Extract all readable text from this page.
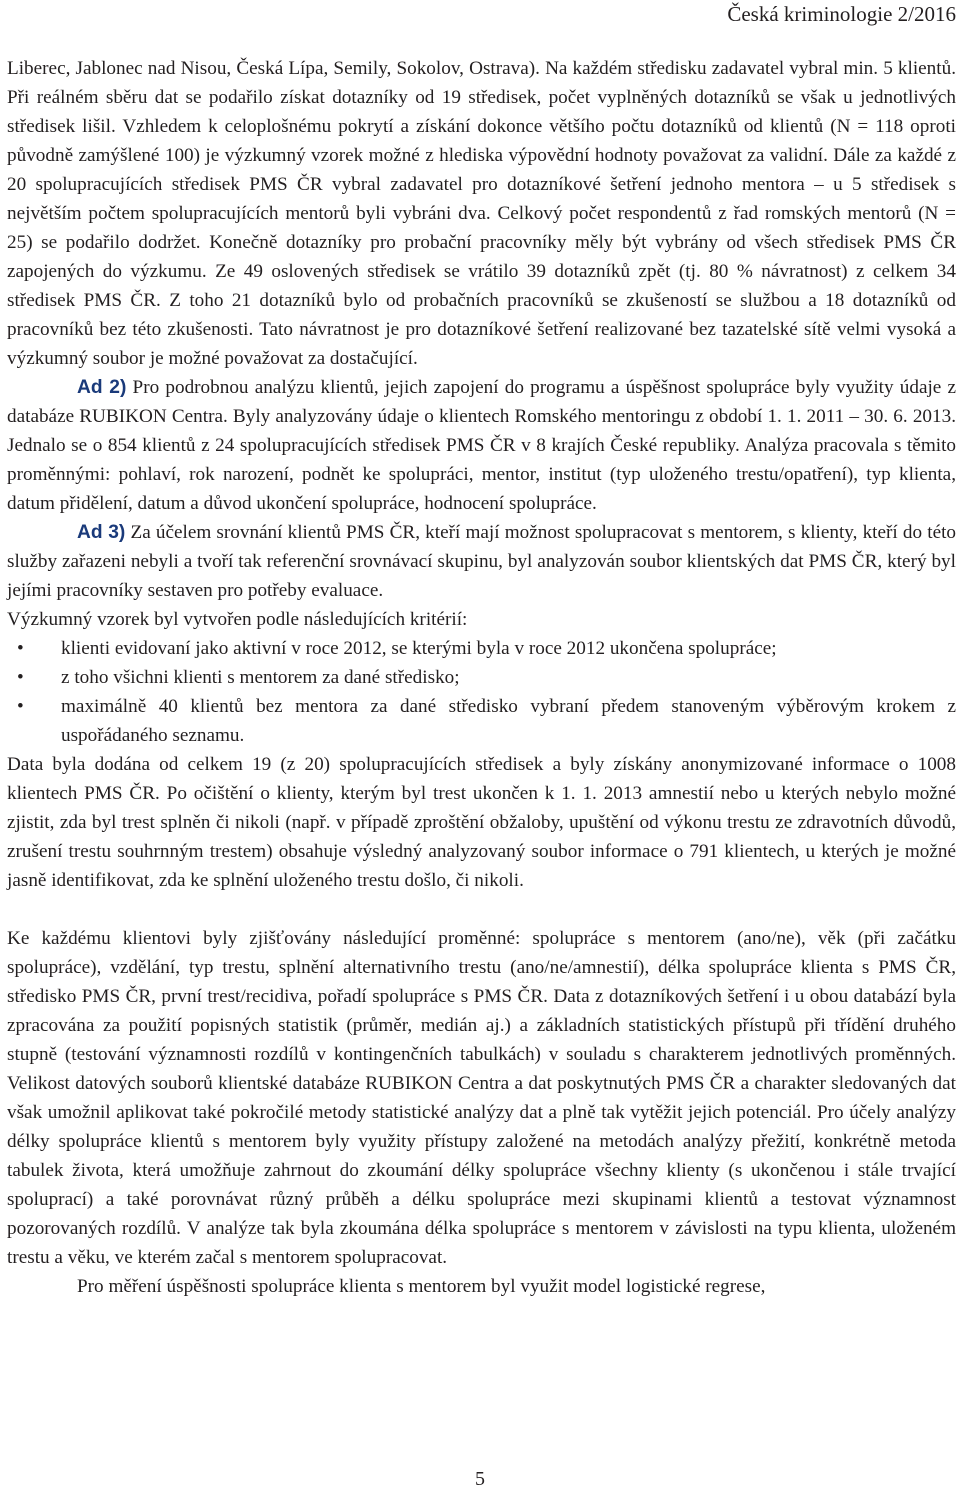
Česká kriminologie 2/2016

Liberec, Jablonec nad Nisou, Česká Lípa, Semily, Sokolov, Ostrava). Na každém středisku zadavatel vybral min. 5 klientů. Při reálném sběru dat se podařilo získat dotazníky od 19 středisek, počet vyplněných dotazníků se však u jednotlivých středisek lišil. Vzhledem k celoplošnému pokrytí a získání dokonce většího počtu dotazníků od klientů (N = 118 oproti původně zamýšlené 100) je výzkumný vzorek možné z hlediska výpovědní hodnoty považovat za validní. Dále za každé z 20 spolupracujících středisek PMS ČR vybral zadavatel pro dotazníkové šetření jednoho mentora – u 5 středisek s největším počtem spolupracujících mentorů byli vybráni dva. Celkový počet respondentů z řad romských mentorů (N = 25) se podařilo dodržet. Konečně dotazníky pro probační pracovníky měly být vybrány od všech středisek PMS ČR zapojených do výzkumu. Ze 49 oslovených středisek se vrátilo 39 dotazníků zpět (tj. 80 % návratnost) z celkem 34 středisek PMS ČR. Z toho 21 dotazníků bylo od probačních pracovníků se zkušeností se službou a 18 dotazníků od pracovníků bez této zkušenosti. Tato návratnost je pro dotazníkové šetření realizované bez tazatelské sítě velmi vysoká a výzkumný soubor je možné považovat za dostačující.

Ad 2) Pro podrobnou analýzu klientů, jejich zapojení do programu a úspěšnost spolupráce byly využity údaje z databáze RUBIKON Centra. Byly analyzovány údaje o klientech Romského mentoringu z období 1. 1. 2011 – 30. 6. 2013. Jednalo se o 854 klientů z 24 spolupracujících středisek PMS ČR v 8 krajích České republiky. Analýza pracovala s těmito proměnnými: pohlaví, rok narození, podnět ke spolupráci, mentor, institut (typ uloženého trestu/opatření), typ klienta, datum přidělení, datum a důvod ukončení spolupráce, hodnocení spolupráce.

Ad 3) Za účelem srovnání klientů PMS ČR, kteří mají možnost spolupracovat s mentorem, s klienty, kteří do této služby zařazeni nebyli a tvoří tak referenční srovnávací skupinu, byl analyzován soubor klientských dat PMS ČR, který byl jejími pracovníky sestaven pro potřeby evaluace.

Výzkumný vzorek byl vytvořen podle následujících kritérií:

• klienti evidovaní jako aktivní v roce 2012, se kterými byla v roce 2012 ukončena spolupráce;
• z toho všichni klienti s mentorem za dané středisko;
• maximálně 40 klientů bez mentora za dané středisko vybraní předem stanoveným výběrovým krokem z uspořádaného seznamu.

Data byla dodána od celkem 19 (z 20) spolupracujících středisek a byly získány anonymizované informace o 1008 klientech PMS ČR. Po očištění o klienty, kterým byl trest ukončen k 1. 1. 2013 amnestií nebo u kterých nebylo možné zjistit, zda byl trest splněn či nikoli (např. v případě zproštění obžaloby, upuštění od výkonu trestu ze zdravotních důvodů, zrušení trestu souhrnným trestem) obsahuje výsledný analyzovaný soubor informace o 791 klientech, u kterých je možné jasně identifikovat, zda ke splnění uloženého trestu došlo, či nikoli.

Ke každému klientovi byly zjišťovány následující proměnné: spolupráce s mentorem (ano/ne), věk (při začátku spolupráce), vzdělání, typ trestu, splnění alternativního trestu (ano/ne/amnestií), délka spolupráce klienta s PMS ČR, středisko PMS ČR, první trest/recidiva, pořadí spolupráce s PMS ČR. Data z dotazníkových šetření i u obou databází byla zpracována za použití popisných statistik (průměr, medián aj.) a základních statistických přístupů při třídění druhého stupně (testování významnosti rozdílů v kontingenčních tabulkách) v souladu s charakterem jednotlivých proměnných. Velikost datových souborů klientské databáze RUBIKON Centra a dat poskytnutých PMS ČR a charakter sledovaných dat však umožnil aplikovat také pokročilé metody statistické analýzy dat a plně tak vytěžit jejich potenciál. Pro účely analýzy délky spolupráce klientů s mentorem byly využity přístupy založené na metodách analýzy přežití, konkrétně metoda tabulek života, která umožňuje zahrnout do zkoumání délky spolupráce všechny klienty (s ukončenou i stále trvající spoluprací) a také porovnávat různý průběh a délku spolupráce mezi skupinami klientů a testovat významnost pozorovaných rozdílů. V analýze tak byla zkoumána délka spolupráce s mentorem v závislosti na typu klienta, uloženém trestu a věku, ve kterém začal s mentorem spolupracovat.

Pro měření úspěšnosti spolupráce klienta s mentorem byl využit model logistické regrese,

5
